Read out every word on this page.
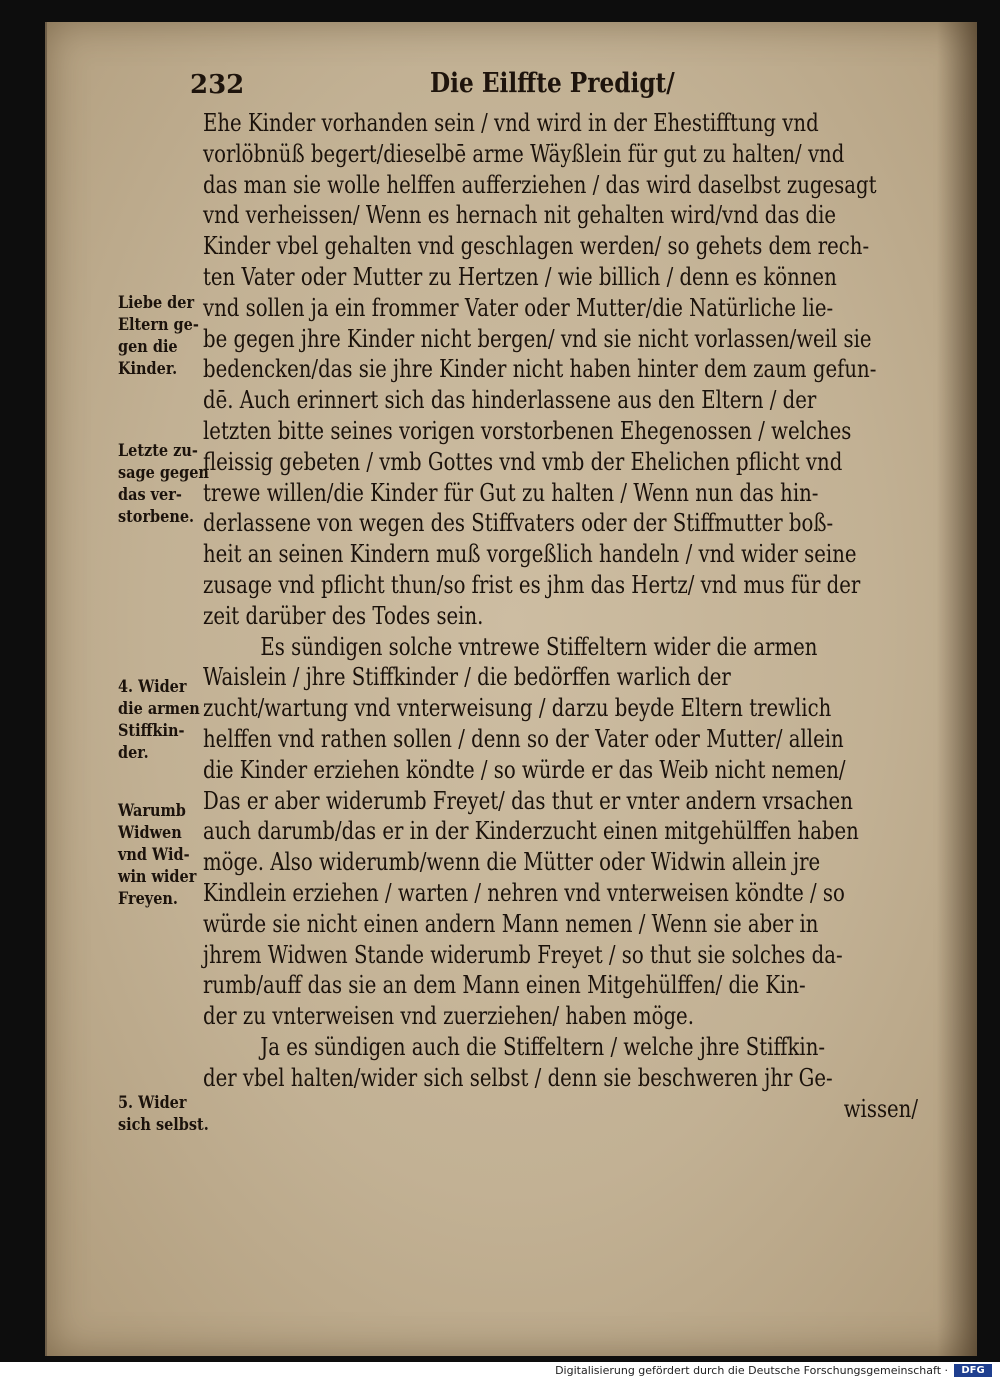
232	Die Eilffte Predigt/
Ehe Kinder vorhanden sein / vnd wird in der Ehestifftung vnd
vorlöbnüß begert/dieselbē arme Wäyßlein für gut zu halten/ vnd
das man sie wolle helffen aufferziehen / das wird daselbst zugesagt
vnd verheissen/ Wenn es hernach nit gehalten wird/vnd das die
Kinder vbel gehalten vnd geschlagen werden/ so gehets dem rech-
ten Vater oder Mutter zu Hertzen / wie billich / denn es können
vnd sollen ja ein frommer Vater oder Mutter/die Natürliche lie-
be gegen jhre Kinder nicht bergen/ vnd sie nicht vorlassen/weil sie
bedencken/das sie jhre Kinder nicht haben hinter dem zaum gefun-
dē. Auch erinnert sich das hinderlassene aus den Eltern / der
letzten bitte seines vorigen vorstorbenen Ehegenossen / welches
fleissig gebeten / vmb Gottes vnd vmb der Ehelichen pflicht vnd
trewe willen/die Kinder für Gut zu halten / Wenn nun das hin-
derlassene von wegen des Stiffvaters oder der Stiffmutter boß-
heit an seinen Kindern muß vorgeßlich handeln / vnd wider seine
zusage vnd pflicht thun/so frist es jhm das Hertz/ vnd mus für der
zeit darüber des Todes sein.
Es sündigen solche vntrewe Stiffeltern wider die armen
Waislein / jhre Stiffkinder / die bedörffen warlich der
zucht/wartung vnd vnterweisung / darzu beyde Eltern trewlich
helffen vnd rathen sollen / denn so der Vater oder Mutter/ allein
die Kinder erziehen köndte / so würde er das Weib nicht nemen/
Das er aber widerumb Freyet/ das thut er vnter andern vrsachen
auch darumb/das er in der Kinderzucht einen mitgehülffen haben
möge. Also widerumb/wenn die Mütter oder Widwin allein jre
Kindlein erziehen / warten / nehren vnd vnterweisen köndte / so
würde sie nicht einen andern Mann nemen / Wenn sie aber in
jhrem Widwen Stande widerumb Freyet / so thut sie solches da-
rumb/auff das sie an dem Mann einen Mitgehülffen/ die Kin-
der zu vnterweisen vnd zuerziehen/ haben möge.
Ja es sündigen auch die Stiffeltern / welche jhre Stiffkin-
der vbel halten/wider sich selbst / denn sie beschweren jhr Ge-
wissen/
Liebe der
Eltern ge-
gen die
Kinder.
Letzte zu-
sage gegen
das ver-
storbene.
4. Wider
die armen
Stiffkin-
der.
Warumb
Widwen
vnd Wid-
win wider
Freyen.
5. Wider
sich selbst.
Digitalisierung gefördert durch die Deutsche Forschungsgemeinschaft ·	DFG
